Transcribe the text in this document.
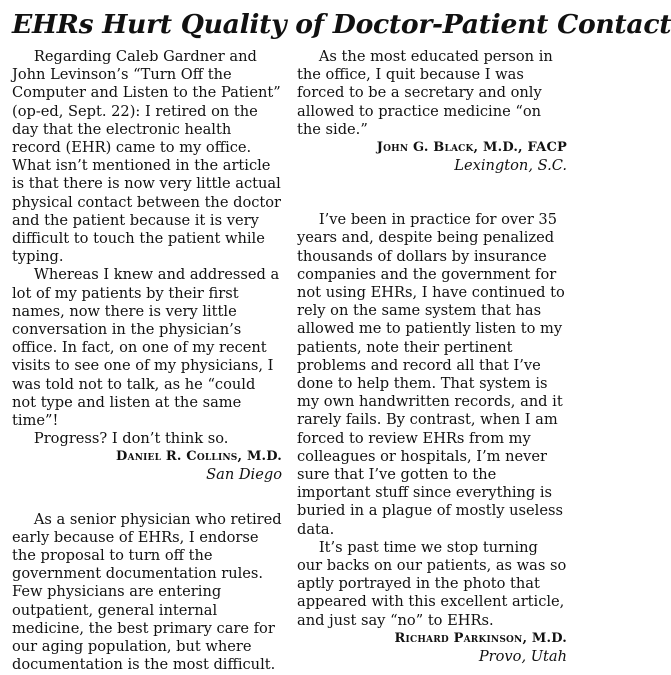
EHRs Hurt Quality of Doctor-Patient Contact

Regarding Caleb Gardner and John Levinson’s “Turn Off the Computer and Listen to the Patient” (op-ed, Sept. 22): I retired on the day that the electronic health record (EHR) came to my office. What isn’t mentioned in the article is that there is now very little actual physical contact between the doctor and the patient because it is very difficult to touch the patient while typing.

Whereas I knew and addressed a lot of my patients by their first names, now there is very little conversation in the physician’s office. In fact, on one of my recent visits to see one of my physicians, I was told not to talk, as he “could not type and listen at the same time”!

Progress? I don’t think so.

Daniel R. Collins, M.D.
San Diego

As a senior physician who retired early because of EHRs, I endorse the proposal to turn off the government documentation rules. Few physicians are entering outpatient, general internal medicine, the best primary care for our aging population, but where documentation is the most difficult.

As the most educated person in the office, I quit because I was forced to be a secretary and only allowed to practice medicine “on the side.”

John G. Black, M.D., FACP
Lexington, S.C.

I’ve been in practice for over 35 years and, despite being penalized thousands of dollars by insurance companies and the government for not using EHRs, I have continued to rely on the same system that has allowed me to patiently listen to my patients, note their pertinent problems and record all that I’ve done to help them. That system is my own handwritten records, and it rarely fails. By contrast, when I am forced to review EHRs from my colleagues or hospitals, I’m never sure that I’ve gotten to the important stuff since everything is buried in a plague of mostly useless data.

It’s past time we stop turning our backs on our patients, as was so aptly portrayed in the photo that appeared with this excellent article, and just say “no” to EHRs.

Richard Parkinson, M.D.
Provo, Utah
